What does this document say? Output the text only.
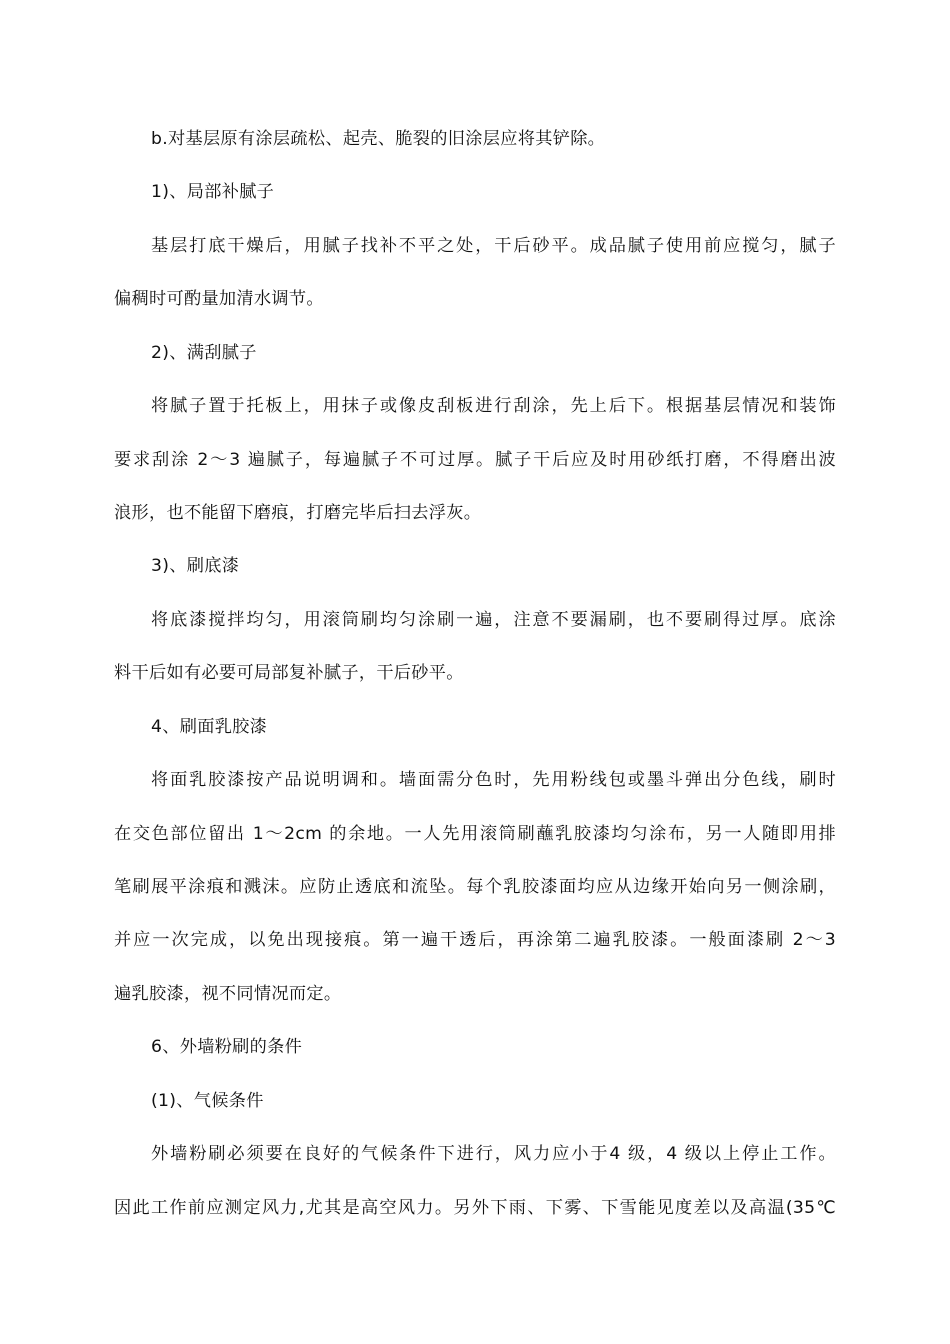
b.对基层原有涂层疏松、起壳、脆裂的旧涂层应将其铲除。
1)、局部补腻子
基层打底干燥后，用腻子找补不平之处，干后砂平。成品腻子使用前应搅匀，腻子
偏稠时可酌量加清水调节。
2)、满刮腻子
将腻子置于托板上，用抹子或像皮刮板进行刮涂，先上后下。根据基层情况和装饰
要求刮涂 2～3 遍腻子，每遍腻子不可过厚。腻子干后应及时用砂纸打磨，不得磨出波
浪形，也不能留下磨痕，打磨完毕后扫去浮灰。
3)、刷底漆
将底漆搅拌均匀，用滚筒刷均匀涂刷一遍，注意不要漏刷，也不要刷得过厚。底涂
料干后如有必要可局部复补腻子，干后砂平。
4、刷面乳胶漆
将面乳胶漆按产品说明调和。墙面需分色时，先用粉线包或墨斗弹出分色线，刷时
在交色部位留出 1～2cm 的余地。一人先用滚筒刷蘸乳胶漆均匀涂布，另一人随即用排
笔刷展平涂痕和溅沫。应防止透底和流坠。每个乳胶漆面均应从边缘开始向另一侧涂刷，
并应一次完成，以免出现接痕。第一遍干透后，再涂第二遍乳胶漆。一般面漆刷 2～3
遍乳胶漆，视不同情况而定。
6、外墙粉刷的条件
(1)、气候条件
外墙粉刷必须要在良好的气候条件下进行，风力应小于4 级，4 级以上停止工作。
因此工作前应测定风力,尤其是高空风力。另外下雨、下雾、下雪能见度差以及高温(35℃
